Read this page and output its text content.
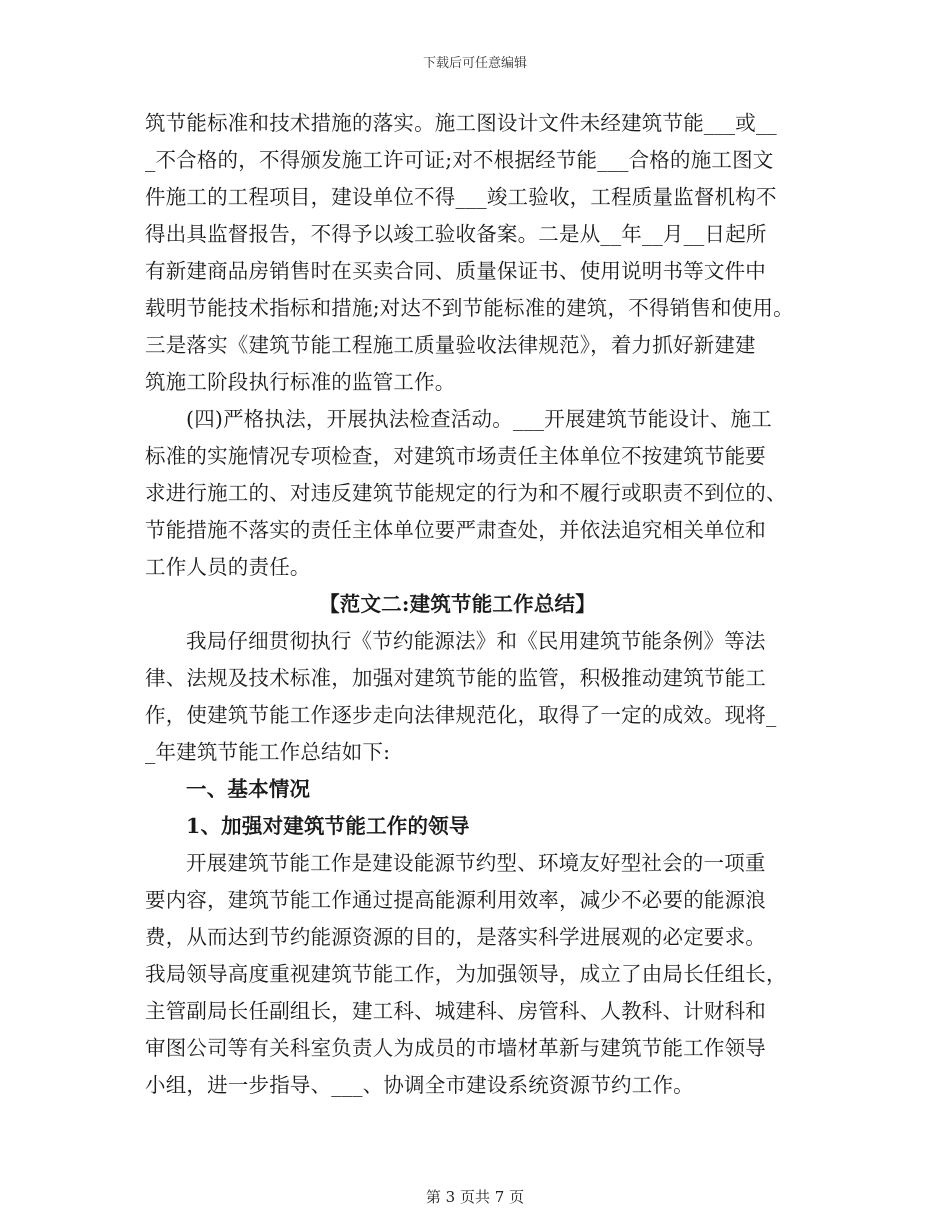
下载后可任意编辑
筑节能标准和技术措施的落实。施工图设计文件未经建筑节能___或__
_不合格的，不得颁发施工许可证;对不根据经节能___合格的施工图文
件施工的工程项目，建设单位不得___竣工验收，工程质量监督机构不
得出具监督报告，不得予以竣工验收备案。二是从__年__月__日起所
有新建商品房销售时在买卖合同、质量保证书、使用说明书等文件中
载明节能技术指标和措施;对达不到节能标准的建筑，不得销售和使用。
三是落实《建筑节能工程施工质量验收法律规范》，着力抓好新建建
筑施工阶段执行标准的监管工作。
(四)严格执法，开展执法检查活动。___开展建筑节能设计、施工
标准的实施情况专项检查，对建筑市场责任主体单位不按建筑节能要
求进行施工的、对违反建筑节能规定的行为和不履行或职责不到位的、
节能措施不落实的责任主体单位要严肃查处，并依法追究相关单位和
工作人员的责任。
【范文二:建筑节能工作总结】
我局仔细贯彻执行《节约能源法》和《民用建筑节能条例》等法
律、法规及技术标准，加强对建筑节能的监管，积极推动建筑节能工
作，使建筑节能工作逐步走向法律规范化，取得了一定的成效。现将_
_年建筑节能工作总结如下:
一、基本情况
1、加强对建筑节能工作的领导
开展建筑节能工作是建设能源节约型、环境友好型社会的一项重
要内容，建筑节能工作通过提高能源利用效率，减少不必要的能源浪
费，从而达到节约能源资源的目的，是落实科学进展观的必定要求。
我局领导高度重视建筑节能工作，为加强领导，成立了由局长任组长，
主管副局长任副组长，建工科、城建科、房管科、人教科、计财科和
审图公司等有关科室负责人为成员的市墙材革新与建筑节能工作领导
小组，进一步指导、___、协调全市建设系统资源节约工作。
第 3 页共 7 页
